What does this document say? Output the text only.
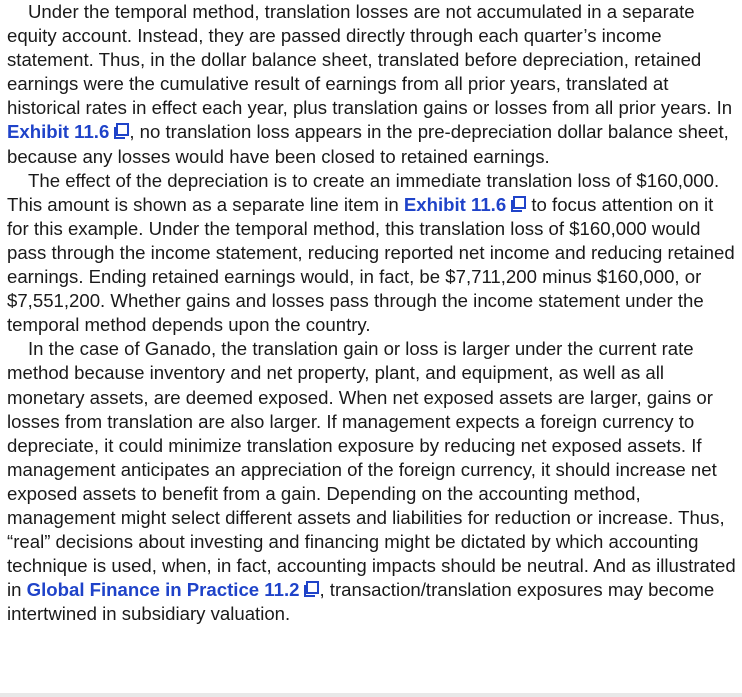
Under the temporal method, translation losses are not accumulated in a separate equity account. Instead, they are passed directly through each quarter’s income statement. Thus, in the dollar balance sheet, translated before depreciation, retained earnings were the cumulative result of earnings from all prior years, translated at historical rates in effect each year, plus translation gains or losses from all prior years. In Exhibit 11.6 , no translation loss appears in the pre-depreciation dollar balance sheet, because any losses would have been closed to retained earnings.

The effect of the depreciation is to create an immediate translation loss of $160,000. This amount is shown as a separate line item in Exhibit 11.6 to focus attention on it for this example. Under the temporal method, this translation loss of $160,000 would pass through the income statement, reducing reported net income and reducing retained earnings. Ending retained earnings would, in fact, be $7,711,200 minus $160,000, or $7,551,200. Whether gains and losses pass through the income statement under the temporal method depends upon the country.

In the case of Ganado, the translation gain or loss is larger under the current rate method because inventory and net property, plant, and equipment, as well as all monetary assets, are deemed exposed. When net exposed assets are larger, gains or losses from translation are also larger. If management expects a foreign currency to depreciate, it could minimize translation exposure by reducing net exposed assets. If management anticipates an appreciation of the foreign currency, it should increase net exposed assets to benefit from a gain. Depending on the accounting method, management might select different assets and liabilities for reduction or increase. Thus, “real” decisions about investing and financing might be dictated by which accounting technique is used, when, in fact, accounting impacts should be neutral. And as illustrated in Global Finance in Practice 11.2 , transaction/translation exposures may become intertwined in subsidiary valuation.
